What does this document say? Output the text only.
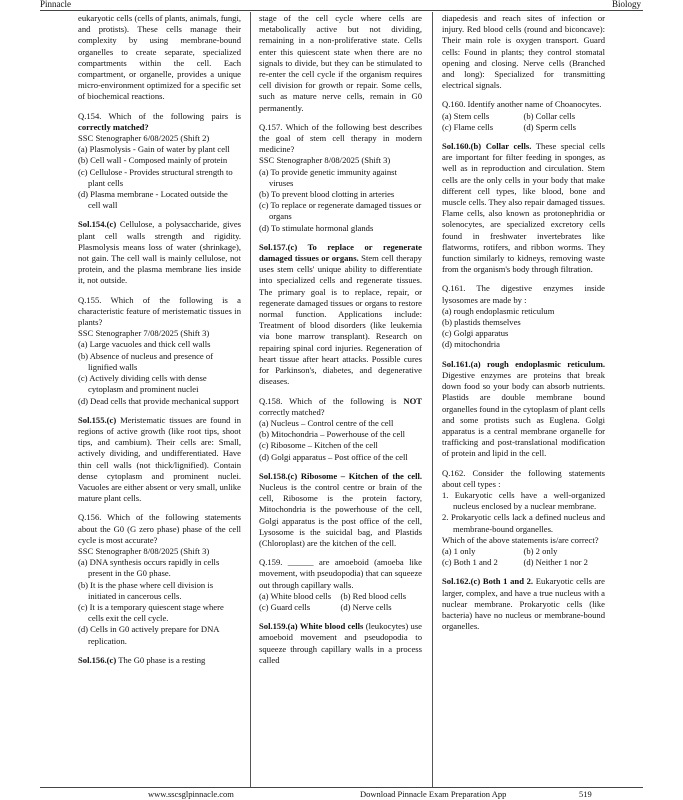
Pinnacle	Biology
eukaryotic cells (cells of plants, animals, fungi, and protists). These cells manage their complexity by using membrane-bound organelles to create separate, specialized compartments within the cell. Each compartment, or organelle, provides a unique micro-environment optimized for a specific set of biochemical reactions.
Q.154. Which of the following pairs is correctly matched?
SSC Stenographer 6/08/2025 (Shift 2)
(a) Plasmolysis - Gain of water by plant cell
(b) Cell wall - Composed mainly of protein
(c) Cellulose - Provides structural strength to plant cells
(d) Plasma membrane - Located outside the cell wall
Sol.154.(c) Cellulose, a polysaccharide, gives plant cell walls strength and rigidity. Plasmolysis means loss of water (shrinkage), not gain. The cell wall is mainly cellulose, not protein, and the plasma membrane lies inside it, not outside.
Q.155. Which of the following is a characteristic feature of meristematic tissues in plants?
SSC Stenographer 7/08/2025 (Shift 3)
(a) Large vacuoles and thick cell walls
(b) Absence of nucleus and presence of lignified walls
(c) Actively dividing cells with dense cytoplasm and prominent nuclei
(d) Dead cells that provide mechanical support
Sol.155.(c) Meristematic tissues are found in regions of active growth (like root tips, shoot tips, and cambium). Their cells are: Small, actively dividing, and undifferentiated. Have thin cell walls (not thick/lignified). Contain dense cytoplasm and prominent nuclei. Vacuoles are either absent or very small, unlike mature plant cells.
Q.156. Which of the following statements about the G0 (G zero phase) phase of the cell cycle is most accurate?
SSC Stenographer 8/08/2025 (Shift 3)
(a) DNA synthesis occurs rapidly in cells present in the G0 phase.
(b) It is the phase where cell division is initiated in cancerous cells.
(c) It is a temporary quiescent stage where cells exit the cell cycle.
(d) Cells in G0 actively prepare for DNA replication.
Sol.156.(c) The G0 phase is a resting
stage of the cell cycle where cells are metabolically active but not dividing, remaining in a non-proliferative state. Cells enter this quiescent state when there are no signals to divide, but they can be stimulated to re-enter the cell cycle if the organism requires cell division for growth or repair. Some cells, such as mature nerve cells, remain in G0 permanently.
Q.157. Which of the following best describes the goal of stem cell therapy in modern medicine?
SSC Stenographer 8/08/2025 (Shift 3)
(a) To provide genetic immunity against viruses
(b) To prevent blood clotting in arteries
(c) To replace or regenerate damaged tissues or organs
(d) To stimulate hormonal glands
Sol.157.(c) To replace or regenerate damaged tissues or organs. Stem cell therapy uses stem cells' unique ability to differentiate into specialized cells and regenerate tissues. The primary goal is to replace, repair, or regenerate damaged tissues or organs to restore normal function. Applications include: Treatment of blood disorders (like leukemia via bone marrow transplant). Research on repairing spinal cord injuries. Regeneration of heart tissue after heart attacks. Possible cures for Parkinson's, diabetes, and degenerative diseases.
Q.158. Which of the following is NOT correctly matched?
(a) Nucleus – Control centre of the cell
(b) Mitochondria – Powerhouse of the cell
(c) Ribosome – Kitchen of the cell
(d) Golgi apparatus – Post office of the cell
Sol.158.(c) Ribosome – Kitchen of the cell. Nucleus is the control centre or brain of the cell, Ribosome is the protein factory, Mitochondria is the powerhouse of the cell, Golgi apparatus is the post office of the cell, Lysosome is the suicidal bag, and Plastids (Chloroplast) are the kitchen of the cell.
Q.159. ______ are amoeboid (amoeba like movement, with pseudopodia) that can squeeze out through capillary walls.
(a) White blood cells	(b) Red blood cells
(c) Guard cells	(d) Nerve cells
Sol.159.(a) White blood cells (leukocytes) use amoeboid movement and pseudopodia to squeeze through capillary walls in a process called
diapedesis and reach sites of infection or injury. Red blood cells (round and biconcave): Their main role is oxygen transport. Guard cells: Found in plants; they control stomatal opening and closing. Nerve cells (Branched and long): Specialized for transmitting electrical signals.
Q.160. Identify another name of Choanocytes.
(a) Stem cells	(b) Collar cells
(c) Flame cells	(d) Sperm cells
Sol.160.(b) Collar cells. These special cells are important for filter feeding in sponges, as well as in reproduction and circulation. Stem cells are the only cells in your body that make different cell types, like blood, bone and muscle cells. They also repair damaged tissues. Flame cells, also known as protonephridia or solenocytes, are specialized excretory cells found in freshwater invertebrates like flatworms, rotifers, and ribbon worms. They function similarly to kidneys, removing waste from the organism's body through filtration.
Q.161. The digestive enzymes inside lysosomes are made by :
(a) rough endoplasmic reticulum
(b) plastids themselves
(c) Golgi apparatus
(d) mitochondria
Sol.161.(a) rough endoplasmic reticulum. Digestive enzymes are proteins that break down food so your body can absorb nutrients. Plastids are double membrane bound organelles found in the cytoplasm of plant cells and some protists such as Euglena. Golgi apparatus is a central membrane organelle for trafficking and post-translational modification of protein and lipid in the cell.
Q.162. Consider the following statements about cell types :
1. Eukaryotic cells have a well-organized nucleus enclosed by a nuclear membrane.
2. Prokaryotic cells lack a defined nucleus and membrane-bound organelles.
Which of the above statements is/are correct?
(a) 1 only	(b) 2 only
(c) Both 1 and 2	(d) Neither 1 nor 2
Sol.162.(c) Both 1 and 2. Eukaryotic cells are larger, complex, and have a true nucleus with a nuclear membrane. Prokaryotic cells (like bacteria) have no nucleus or membrane-bound organelles.
www.sscsglpinnacle.com	Download Pinnacle Exam Preparation App	519
